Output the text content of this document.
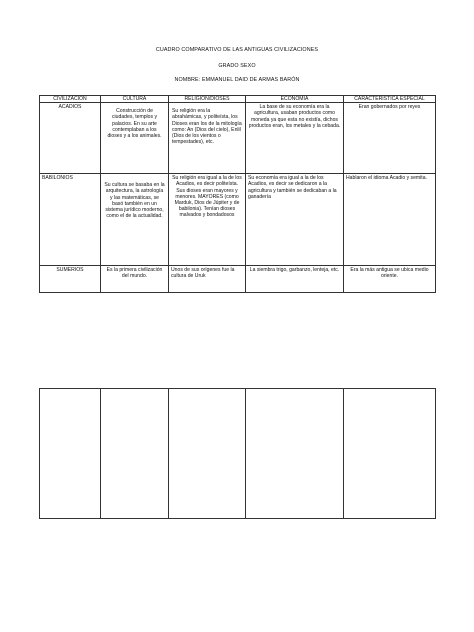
CUADRO COMPARATIVO DE LAS ANTIGUAS CIVILIZACIONES
GRADO SEXO
NOMBRE: EMMANUEL DAID DE ARMAS BARÓN
CIVILIZACIÓN	CULTURA	RELIGIÓN/DIOSES	ECONOMIA	CARACTERISTICA ESPECIAL
ACADIOS	Construcción de ciudades, templos y palacios. En su arte contemplaban a los dioses y a los animales.	Su religión era la abrahámicas, y politeísta, los Dioses eran los de la mitología como: An (Dios del cielo), Enlil (Dios de los vientos o tempestades), etc.	La base de su economía era la agricultura, usaban productos como moneda ya que esta no existía, dichos productos eran, los metales y la cebada.	Eran gobernados por reyes
BABILONIOS	Su cultura se basaba en la arquitectura, la astrología y las matemáticas, se basó también en un sistema jurídico moderno, como el de la actualidad.	Su religión era igual a la de los Acadios, es decir politeísta. Sus dioses eran mayores y menores. MAYORES (como Marduk, Dios de Júpiter y de babilonia). Tenían dioses malvados y bondadosos	Su economía era igual a la de los Acadios, es decir se dedicaron a la agricultura y también se dedicaban a la ganadería	Hablaron el idioma Acadio y semita.
SUMERIOS	Es la primera civilización del mundo.	Unos de sus orígenes fue la cultura de Uruk	La siembra trigo, garbanzo, lenteja, etc.	Era la más antigua se ubica medio oriente.
